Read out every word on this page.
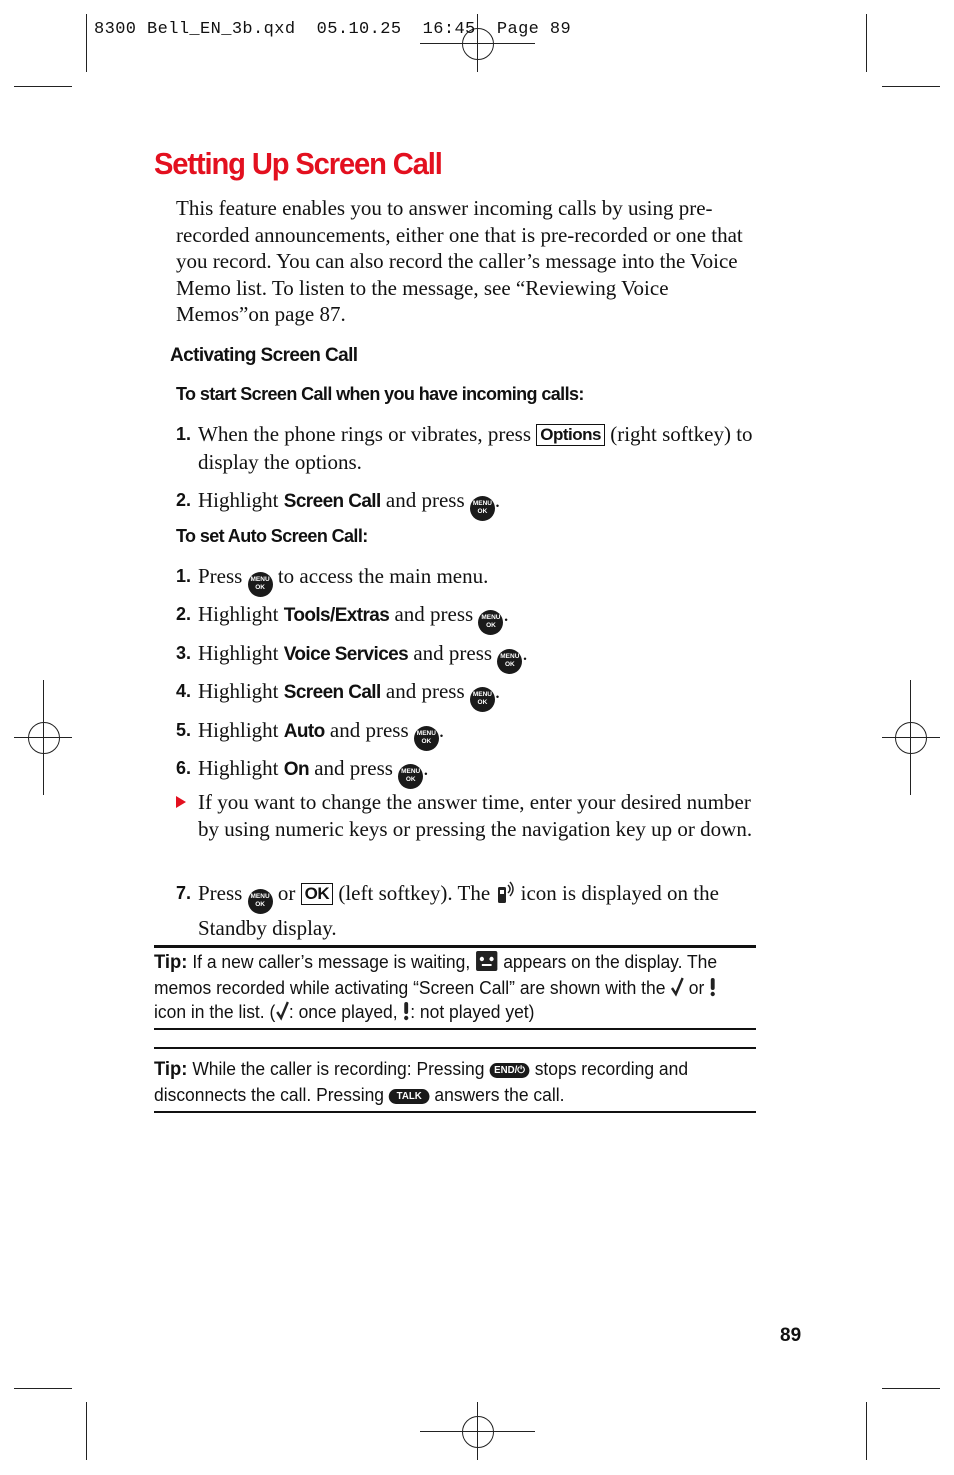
8300 Bell_EN_3b.qxd  05.10.25  16:45  Page 89
Setting Up Screen Call
This feature enables you to answer incoming calls by using pre-recorded announcements, either one that is pre-recorded or one that you record. You can also record the caller’s message into the Voice Memo list. To listen to the message, see “Reviewing Voice Memos”on page 87.
Activating Screen Call
To start Screen Call when you have incoming calls:
1. When the phone rings or vibrates, press Options (right softkey) to display the options.
2. Highlight Screen Call and press MENU
OK .
To set Auto Screen Call:
1. Press MENU
OK to access the main menu.
2. Highlight Tools/Extras and press MENU
OK .
3. Highlight Voice Services and press MENU
OK .
4. Highlight Screen Call and press MENU
OK .
5. Highlight Auto and press MENU
OK .
6. Highlight On and press MENU
OK .
If you want to change the answer time, enter your desired number by using numeric keys or pressing the navigation key up or down.
7. Press MENU
OK or OK (left softkey). The icon is displayed on the Standby display.
Tip: If a new caller’s message is waiting, appears on the display. The memos recorded while activating “Screen Call” are shown with the or icon in the list. ( : once played, : not played yet)
Tip: While the caller is recording: Pressing END/⏻ stops recording and disconnects the call. Pressing TALK answers the call.
89
